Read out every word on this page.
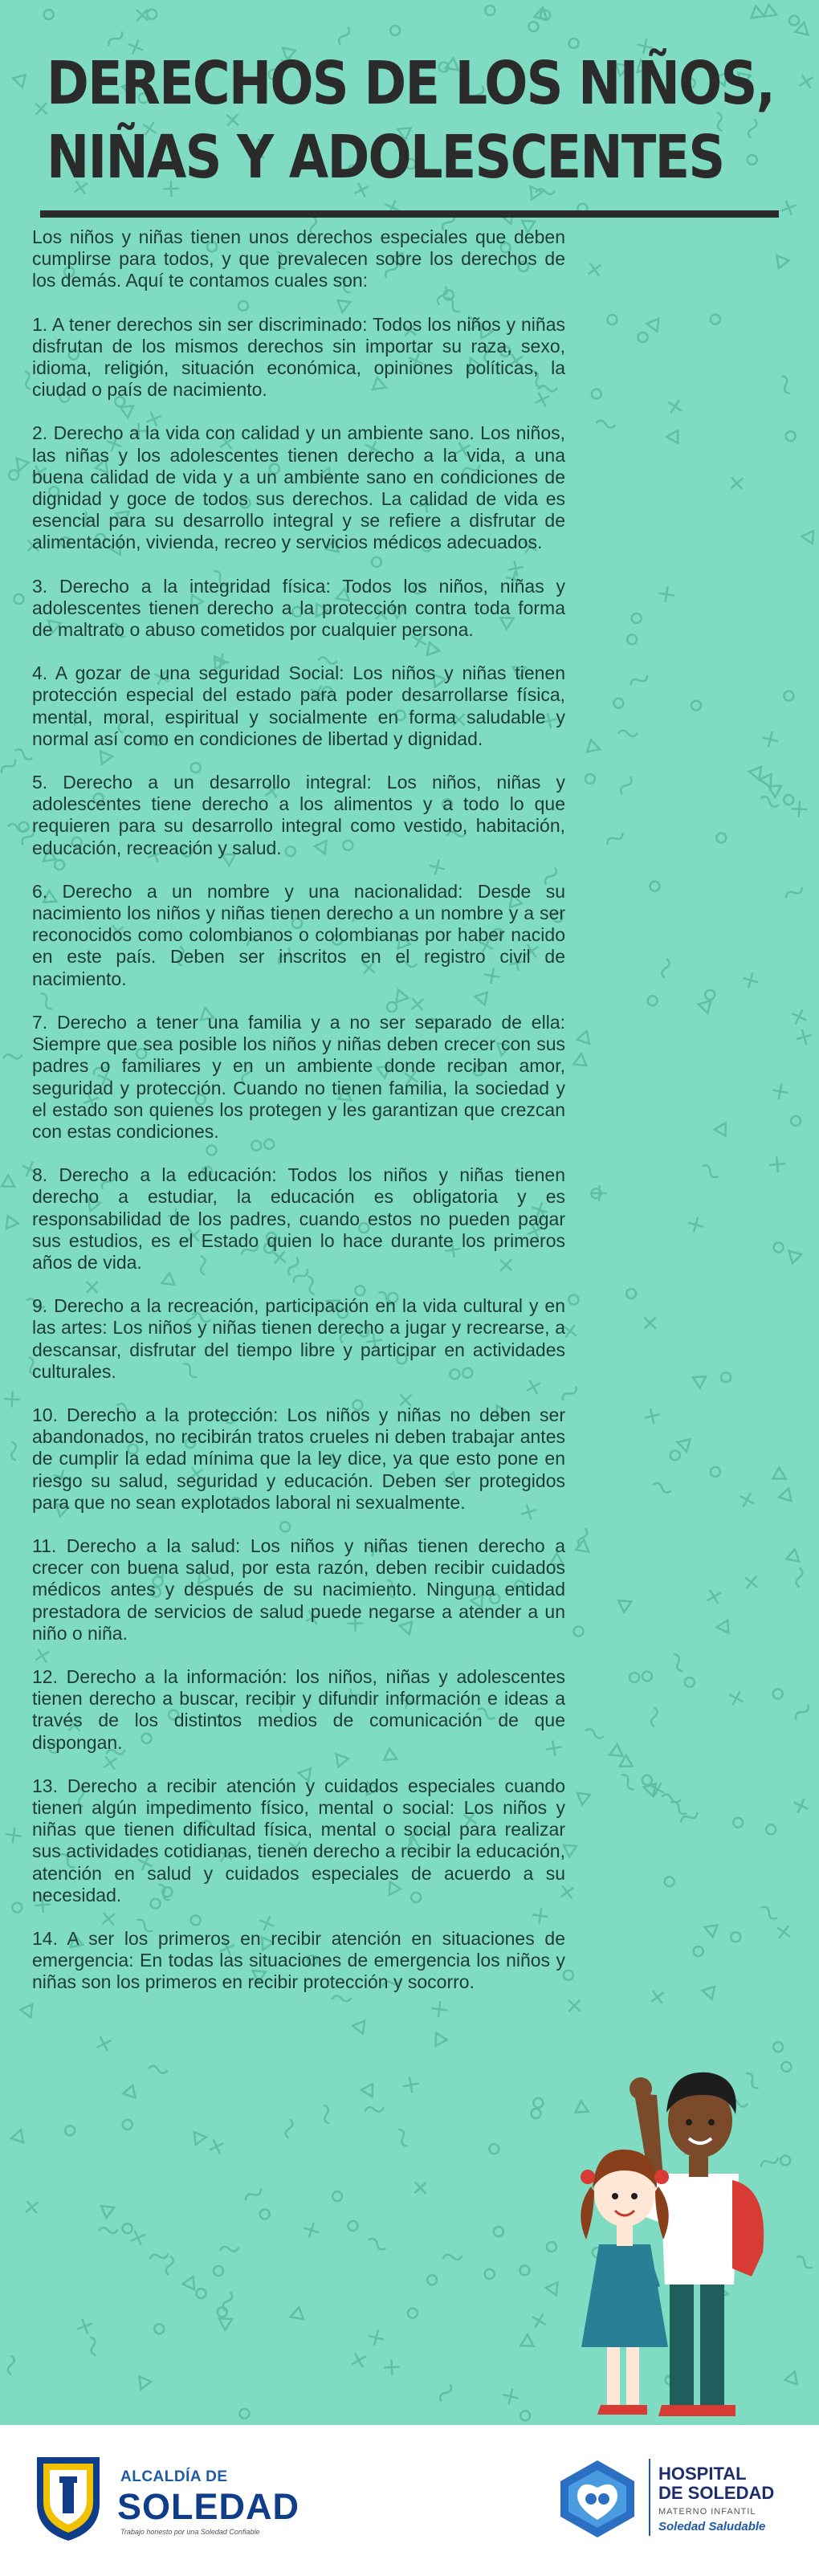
DERECHOS DE LOS NIÑOS,
NIÑAS Y ADOLESCENTES

Los niños y niñas tienen unos derechos especiales que deben cumplirse para todos, y que prevalecen sobre los derechos de los demás. Aquí te contamos cuales son:

1. A tener derechos sin ser discriminado: Todos los niños y niñas disfrutan de los mismos derechos sin importar su raza, sexo, idioma, religión, situación económica, opiniones políticas, la ciudad o país de nacimiento.

2. Derecho a la vida con calidad y un ambiente sano. Los niños, las niñas y los adolescentes tienen derecho a la vida, a una buena calidad de vida y a un ambiente sano en condiciones de dignidad y goce de todos sus derechos. La calidad de vida es esencial para su desarrollo integral y se refiere a disfrutar de alimentación, vivienda, recreo y servicios médicos adecuados.

3. Derecho a la integridad física: Todos los niños, niñas y adolescentes tienen derecho a la protección contra toda forma de maltrato o abuso cometidos por cualquier persona.

4. A gozar de una seguridad Social: Los niños y niñas tienen protección especial del estado para poder desarrollarse física, mental, moral, espiritual y socialmente en forma saludable y normal así como en condiciones de libertad y dignidad.

5. Derecho a un desarrollo integral: Los niños, niñas y adolescentes tiene derecho a los alimentos y a todo lo que requieren para su desarrollo integral como vestido, habitación, educación, recreación y salud.

6. Derecho a un nombre y una nacionalidad: Desde su nacimiento los niños y niñas tienen derecho a un nombre y a ser reconocidos como colombianos o colombianas por haber nacido en este país. Deben ser inscritos en el registro civil de nacimiento.

7. Derecho a tener una familia y a no ser separado de ella: Siempre que sea posible los niños y niñas deben crecer con sus padres o familiares y en un ambiente donde reciban amor, seguridad y protección. Cuando no tienen familia, la sociedad y el estado son quienes los protegen y les garantizan que crezcan con estas condiciones.

8. Derecho a la educación: Todos los niños y niñas tienen derecho a estudiar, la educación es obligatoria y es responsabilidad de los padres, cuando estos no pueden pagar sus estudios, es el Estado quien lo hace durante los primeros años de vida.

9. Derecho a la recreación, participación en la vida cultural y en las artes: Los niños y niñas tienen derecho a jugar y recrearse, a descansar, disfrutar del tiempo libre y participar en actividades culturales.

10. Derecho a la protección: Los niños y niñas no deben ser abandonados, no recibirán tratos crueles ni deben trabajar antes de cumplir la edad mínima que la ley dice, ya que esto pone en riesgo su salud, seguridad y educación. Deben ser protegidos para que no sean explotados laboral ni sexualmente.

11. Derecho a la salud: Los niños y niñas tienen derecho a crecer con buena salud, por esta razón, deben recibir cuidados médicos antes y después de su nacimiento. Ninguna entidad prestadora de servicios de salud puede negarse a atender a un niño o niña.

12. Derecho a la información: los niños, niñas y adolescentes tienen derecho a buscar, recibir y difundir información e ideas a través de los distintos medios de comunicación de que dispongan.

13. Derecho a recibir atención y cuidados especiales cuando tienen algún impedimento físico, mental o social: Los niños y niñas que tienen dificultad física, mental o social para realizar sus actividades cotidianas, tienen derecho a recibir la educación, atención en salud y cuidados especiales de acuerdo a su necesidad.

14. A ser los primeros en recibir atención en situaciones de emergencia: En todas las situaciones de emergencia los niños y niñas son los primeros en recibir protección y socorro.

ALCALDÍA DE
SOLEDAD
Trabajo honesto por una Soledad Confiable
HOSPITAL
DE SOLEDAD
MATERNO INFANTIL
Soledad Saludable
